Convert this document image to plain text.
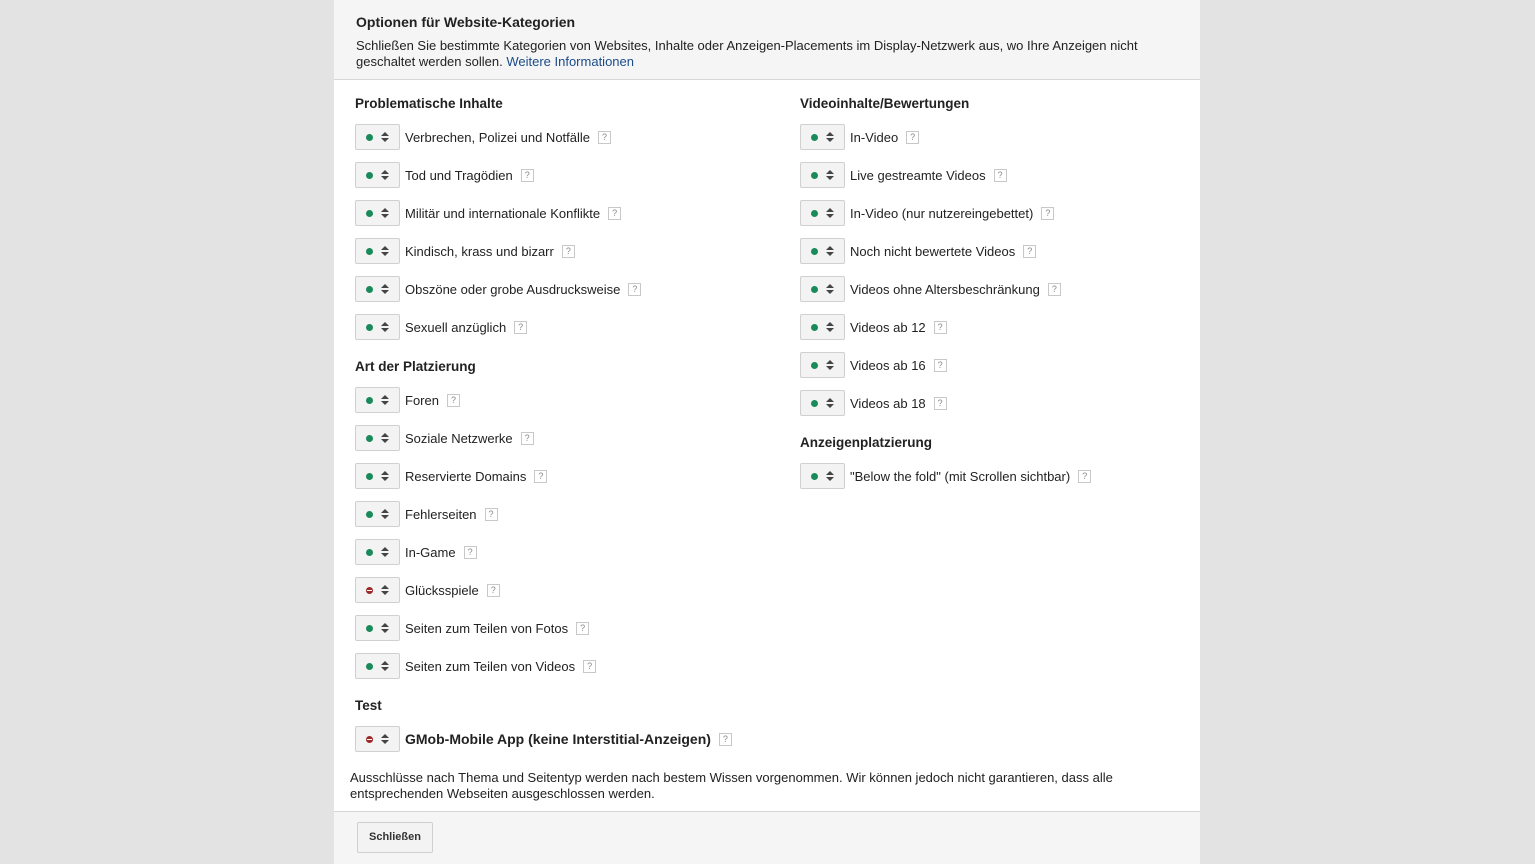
Optionen für Website-Kategorien

Schließen Sie bestimmte Kategorien von Websites, Inhalte oder Anzeigen-Placements im Display-Netzwerk aus, wo Ihre Anzeigen nicht geschaltet werden sollen. Weitere Informationen

Problematische Inhalte
Verbrechen, Polizei und Notfälle	?
Tod und Tragödien	?
Militär und internationale Konflikte	?
Kindisch, krass und bizarr	?
Obszöne oder grobe Ausdrucksweise	?
Sexuell anzüglich	?
Art der Platzierung
Foren	?
Soziale Netzwerke	?
Reservierte Domains	?
Fehlerseiten	?
In-Game	?
Glücksspiele	?
Seiten zum Teilen von Fotos	?
Seiten zum Teilen von Videos	?
Test
GMob-Mobile App (keine Interstitial-Anzeigen)	?
Videoinhalte/Bewertungen
In-Video	?
Live gestreamte Videos	?
In-Video (nur nutzereingebettet)	?
Noch nicht bewertete Videos	?
Videos ohne Altersbeschränkung	?
Videos ab 12	?
Videos ab 16	?
Videos ab 18	?
Anzeigenplatzierung
"Below the fold" (mit Scrollen sichtbar)	?
Ausschlüsse nach Thema und Seitentyp werden nach bestem Wissen vorgenommen. Wir können jedoch nicht garantieren, dass alle entsprechenden Webseiten ausgeschlossen werden.
Schließen
